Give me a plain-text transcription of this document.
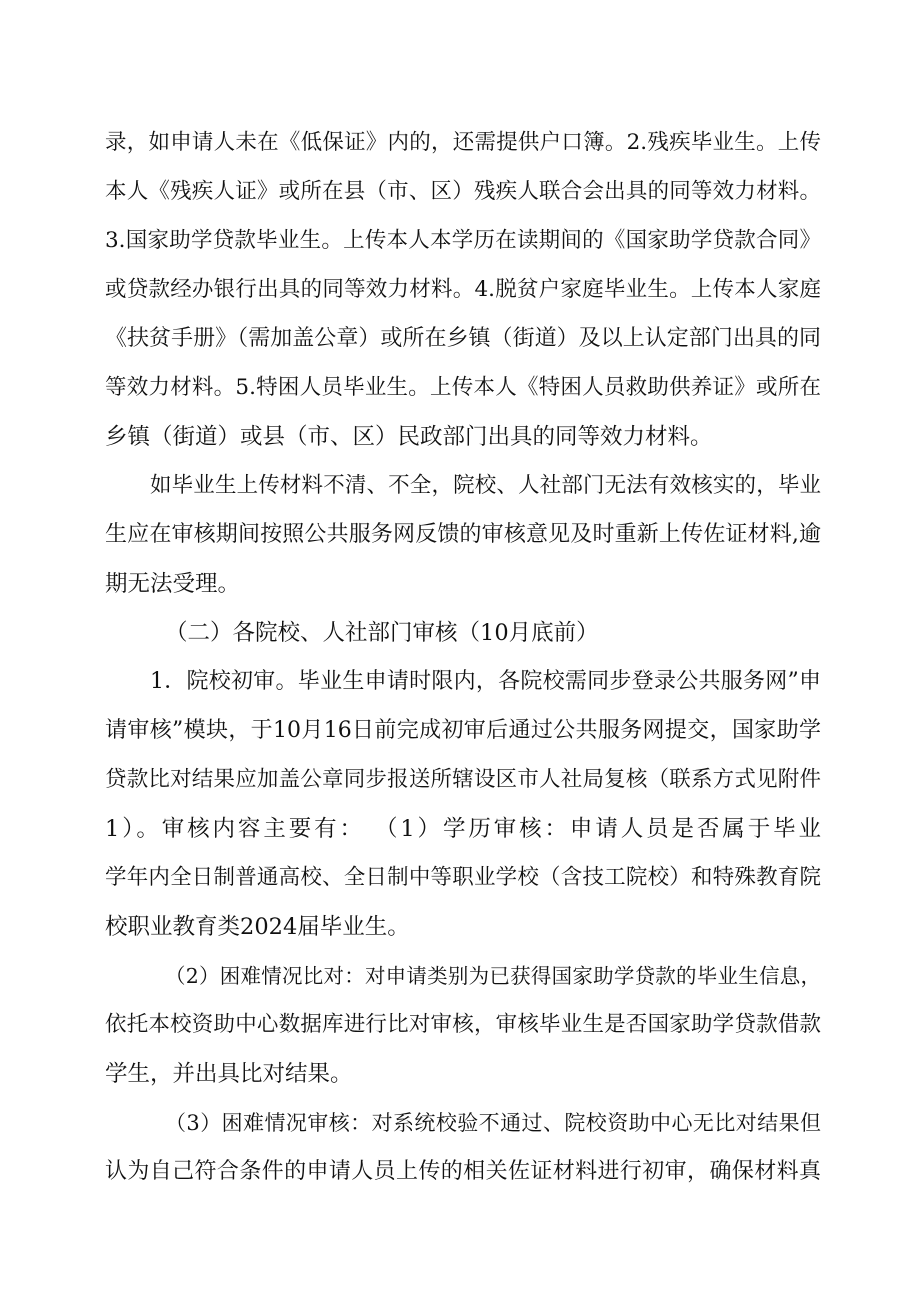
录，如申请人未在《低保证》内的，还需提供户口簿。2.残疾毕业生。上传
本人《残疾人证》或所在县（市、区）残疾人联合会出具的同等效力材料。
3.国家助学贷款毕业生。上传本人本学历在读期间的《国家助学贷款合同》
或贷款经办银行出具的同等效力材料。4.脱贫户家庭毕业生。上传本人家庭
《扶贫手册》（需加盖公章）或所在乡镇（街道）及以上认定部门出具的同
等效力材料。5.特困人员毕业生。上传本人《特困人员救助供养证》或所在
乡镇（街道）或县（市、区）民政部门出具的同等效力材料。
如毕业生上传材料不清、不全，院校、人社部门无法有效核实的，毕业
生应在审核期间按照公共服务网反馈的审核意见及时重新上传佐证材料,逾
期无法受理。
（二）各院校、人社部门审核（10月底前）
1．院校初审。毕业生申请时限内，各院校需同步登录公共服务网”申
请审核”模块，于10月16日前完成初审后通过公共服务网提交，国家助学
贷款比对结果应加盖公章同步报送所辖设区市人社局复核（联系方式见附件
1）。审核内容主要有： （1）学历审核：申请人员是否属于毕业
学年内全日制普通高校、全日制中等职业学校（含技工院校）和特殊教育院
校职业教育类2024届毕业生。
（2）困难情况比对：对申请类别为已获得国家助学贷款的毕业生信息，
依托本校资助中心数据库进行比对审核，审核毕业生是否国家助学贷款借款
学生，并出具比对结果。
（3）困难情况审核：对系统校验不通过、院校资助中心无比对结果但
认为自己符合条件的申请人员上传的相关佐证材料进行初审，确保材料真
